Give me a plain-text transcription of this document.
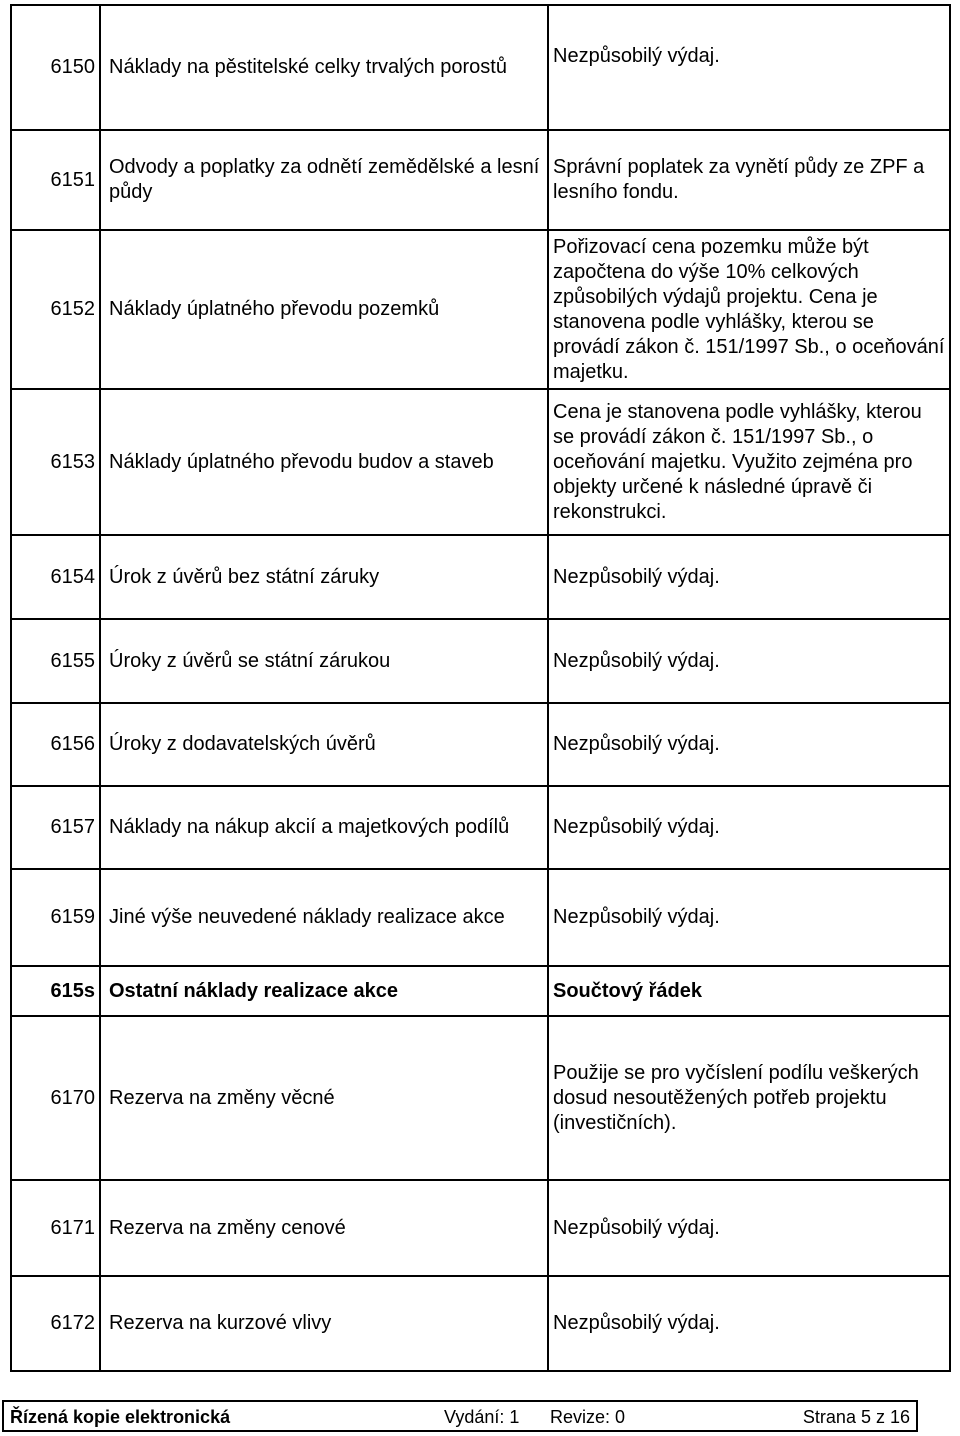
6150	Náklady na pěstitelské celky trvalých porostů	Nezpůsobilý výdaj.
6151	Odvody a poplatky za odnětí zemědělské a lesní půdy	Správní poplatek za vynětí půdy ze ZPF a lesního fondu.
6152	Náklady úplatného převodu pozemků	Pořizovací cena pozemku může být započtena do výše 10% celkových způsobilých výdajů projektu. Cena je stanovena podle vyhlášky, kterou se provádí zákon č. 151/1997 Sb., o oceňování majetku.
6153	Náklady úplatného převodu budov a staveb	Cena je stanovena podle vyhlášky, kterou se provádí zákon č. 151/1997 Sb., o oceňování majetku. Využito zejména pro objekty určené k následné úpravě či rekonstrukci.
6154	Úrok z úvěrů bez státní záruky	Nezpůsobilý výdaj.
6155	Úroky z úvěrů se státní zárukou	Nezpůsobilý výdaj.
6156	Úroky z dodavatelských úvěrů	Nezpůsobilý výdaj.
6157	Náklady na nákup akcií a majetkových podílů	Nezpůsobilý výdaj.
6159	Jiné výše neuvedené náklady realizace akce	Nezpůsobilý výdaj.
615s	Ostatní náklady realizace akce	Součtový řádek
6170	Rezerva na změny věcné	Použije se pro vyčíslení podílu veškerých dosud nesoutěžených potřeb projektu (investičních).
6171	Rezerva na změny cenové	Nezpůsobilý výdaj.
6172	Rezerva na kurzové vlivy	Nezpůsobilý výdaj.
Řízená kopie elektronická	Vydání: 1 Revize: 0	Strana 5 z 16
